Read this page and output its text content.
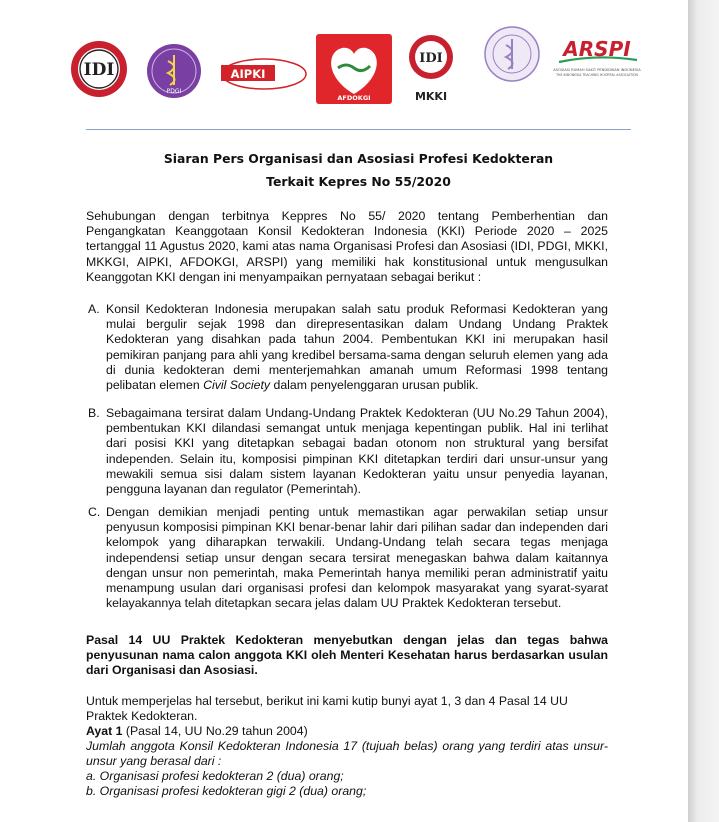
IDI
PDGI
AIPKI
AFDOKGI
IDI
MKKI
ARSPI
ASOSIASI RUMAH SAKIT PENDIDIKAN INDONESIA
THE INDONESIA TEACHING HOSPITAL ASSOCIATION
Siaran Pers Organisasi dan Asosiasi Profesi Kedokteran
Terkait Kepres No 55/2020
Sehubungan dengan terbitnya Keppres No 55/ 2020 tentang Pemberhentian dan Pengangkatan Keanggotaan Konsil Kedokteran Indonesia (KKI) Periode 2020 – 2025 tertanggal 11 Agustus 2020, kami atas nama Organisasi Profesi dan Asosiasi (IDI, PDGI, MKKI, MKKGI, AIPKI, AFDOKGI, ARSPI) yang memiliki hak konstitusional untuk mengusulkan Keanggotan KKI dengan ini menyampaikan pernyataan sebagai berikut :
A. Konsil Kedokteran Indonesia merupakan salah satu produk Reformasi Kedokteran yang mulai bergulir sejak 1998 dan direpresentasikan dalam Undang Undang Praktek Kedokteran yang disahkan pada tahun 2004. Pembentukan KKI ini merupakan hasil pemikiran panjang para ahli yang kredibel bersama-sama dengan seluruh elemen yang ada di dunia kedokteran demi menterjemahkan amanah umum Reformasi 1998 tentang pelibatan elemen Civil Society dalam penyelenggaran urusan publik.
B. Sebagaimana tersirat dalam Undang-Undang Praktek Kedokteran (UU No.29 Tahun 2004), pembentukan KKI dilandasi semangat untuk menjaga kepentingan publik. Hal ini terlihat dari posisi KKI yang ditetapkan sebagai badan otonom non struktural yang bersifat independen. Selain itu, komposisi pimpinan KKI ditetapkan terdiri dari unsur-unsur yang mewakili semua sisi dalam sistem layanan Kedokteran yaitu unsur penyedia layanan, pengguna layanan dan regulator (Pemerintah).
C. Dengan demikian menjadi penting untuk memastikan agar perwakilan setiap unsur penyusun komposisi pimpinan KKI benar-benar lahir dari pilihan sadar dan independen dari kelompok yang diharapkan terwakili. Undang-Undang telah secara tegas menjaga independensi setiap unsur dengan secara tersirat menegaskan bahwa dalam kaitannya dengan unsur non pemerintah, maka Pemerintah hanya memiliki peran administratif yaitu menampung usulan dari organisasi profesi dan kelompok masyarakat yang syarat-syarat kelayakannya telah ditetapkan secara jelas dalam UU Praktek Kedokteran tersebut.
Pasal 14 UU Praktek Kedokteran menyebutkan dengan jelas dan tegas bahwa penyusunan nama calon anggota KKI oleh Menteri Kesehatan harus berdasarkan usulan dari Organisasi dan Asosiasi.
Untuk memperjelas hal tersebut, berikut ini kami kutip bunyi ayat 1, 3 dan 4 Pasal 14 UU Praktek Kedokteran.
Ayat 1 (Pasal 14, UU No.29 tahun 2004)
Jumlah anggota Konsil Kedokteran Indonesia 17 (tujuah belas) orang yang terdiri atas unsur-unsur yang berasal dari :
a. Organisasi profesi kedokteran 2 (dua) orang;
b. Organisasi profesi kedokteran gigi 2 (dua) orang;
